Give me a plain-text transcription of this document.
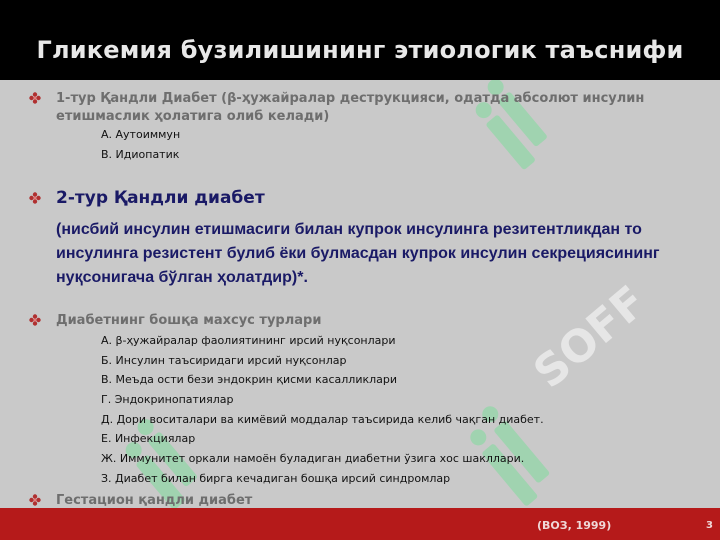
SOFF
Гликемия бузилишининг этиологик таъснифи
1-тур Қандли Диабет (β-ҳужайралар деструкцияси, одатда абсолют инсулин етишмаслик ҳолатига олиб келади)
А. Аутоиммун
В. Идиопатик
2-тур Қандли диабет
(нисбий инсулин етишмасиги билан купрок инсулинга резитентликдан то инсулинга резистент булиб ёки булмасдан купрок инсулин секрециясининг нуқсонигача бўлган ҳолатдир)*.
Диабетнинг бошқа махсус турлари
А. β-ҳужайралар фаолиятининг ирсий нуқсонлари
Б. Инсулин таъсиридаги ирсий нуқсонлар
В. Меъда ости бези эндокрин қисми касалликлари
Г. Эндокринопатиялар
Д. Дори воситалари ва кимёвий моддалар таъсирида келиб чақган диабет.
Е. Инфекциялар
Ж. Иммунитет оркали намоён буладиган диабетни ўзига хос шакллари.
З. Диабет билан бирга кечадиган бошқа ирсий синдромлар
Гестацион қандли диабет
(ВОЗ, 1999)	3
